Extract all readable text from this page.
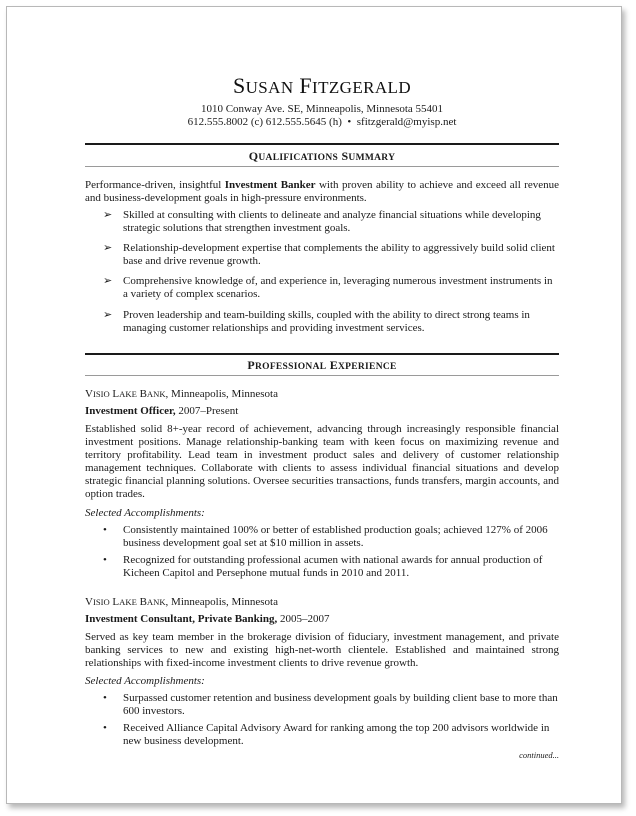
SUSAN FITZGERALD
1010 Conway Ave. SE, Minneapolis, Minnesota 55401
612.555.8002 (c) 612.555.5645 (h) • sfitzgerald@myisp.net
QUALIFICATIONS SUMMARY
Performance-driven, insightful Investment Banker with proven ability to achieve and exceed all revenue and business-development goals in high-pressure environments.
➢ Skilled at consulting with clients to delineate and analyze financial situations while developing strategic solutions that strengthen investment goals.
➢ Relationship-development expertise that complements the ability to aggressively build solid client base and drive revenue growth.
➢ Comprehensive knowledge of, and experience in, leveraging numerous investment instruments in a variety of complex scenarios.
➢ Proven leadership and team-building skills, coupled with the ability to direct strong teams in managing customer relationships and providing investment services.
PROFESSIONAL EXPERIENCE
VISIO LAKE BANK, Minneapolis, Minnesota
Investment Officer, 2007–Present
Established solid 8+-year record of achievement, advancing through increasingly responsible financial investment positions. Manage relationship-banking team with keen focus on maximizing revenue and territory profitability. Lead team in investment product sales and delivery of customer relationship management techniques. Collaborate with clients to assess individual financial situations and develop strategic financial planning solutions. Oversee securities transactions, funds transfers, margin accounts, and option trades.
Selected Accomplishments:
•	Consistently maintained 100% or better of established production goals; achieved 127% of 2006 business development goal set at $10 million in assets.
•	Recognized for outstanding professional acumen with national awards for annual production of Kicheen Capitol and Persephone mutual funds in 2010 and 2011.
VISIO LAKE BANK, Minneapolis, Minnesota
Investment Consultant, Private Banking, 2005–2007
Served as key team member in the brokerage division of fiduciary, investment management, and private banking services to new and existing high-net-worth clientele. Established and maintained strong relationships with fixed-income investment clients to drive revenue growth.
Selected Accomplishments:
•	Surpassed customer retention and business development goals by building client base to more than 600 investors.
•	Received Alliance Capital Advisory Award for ranking among the top 200 advisors worldwide in new business development.
continued...
